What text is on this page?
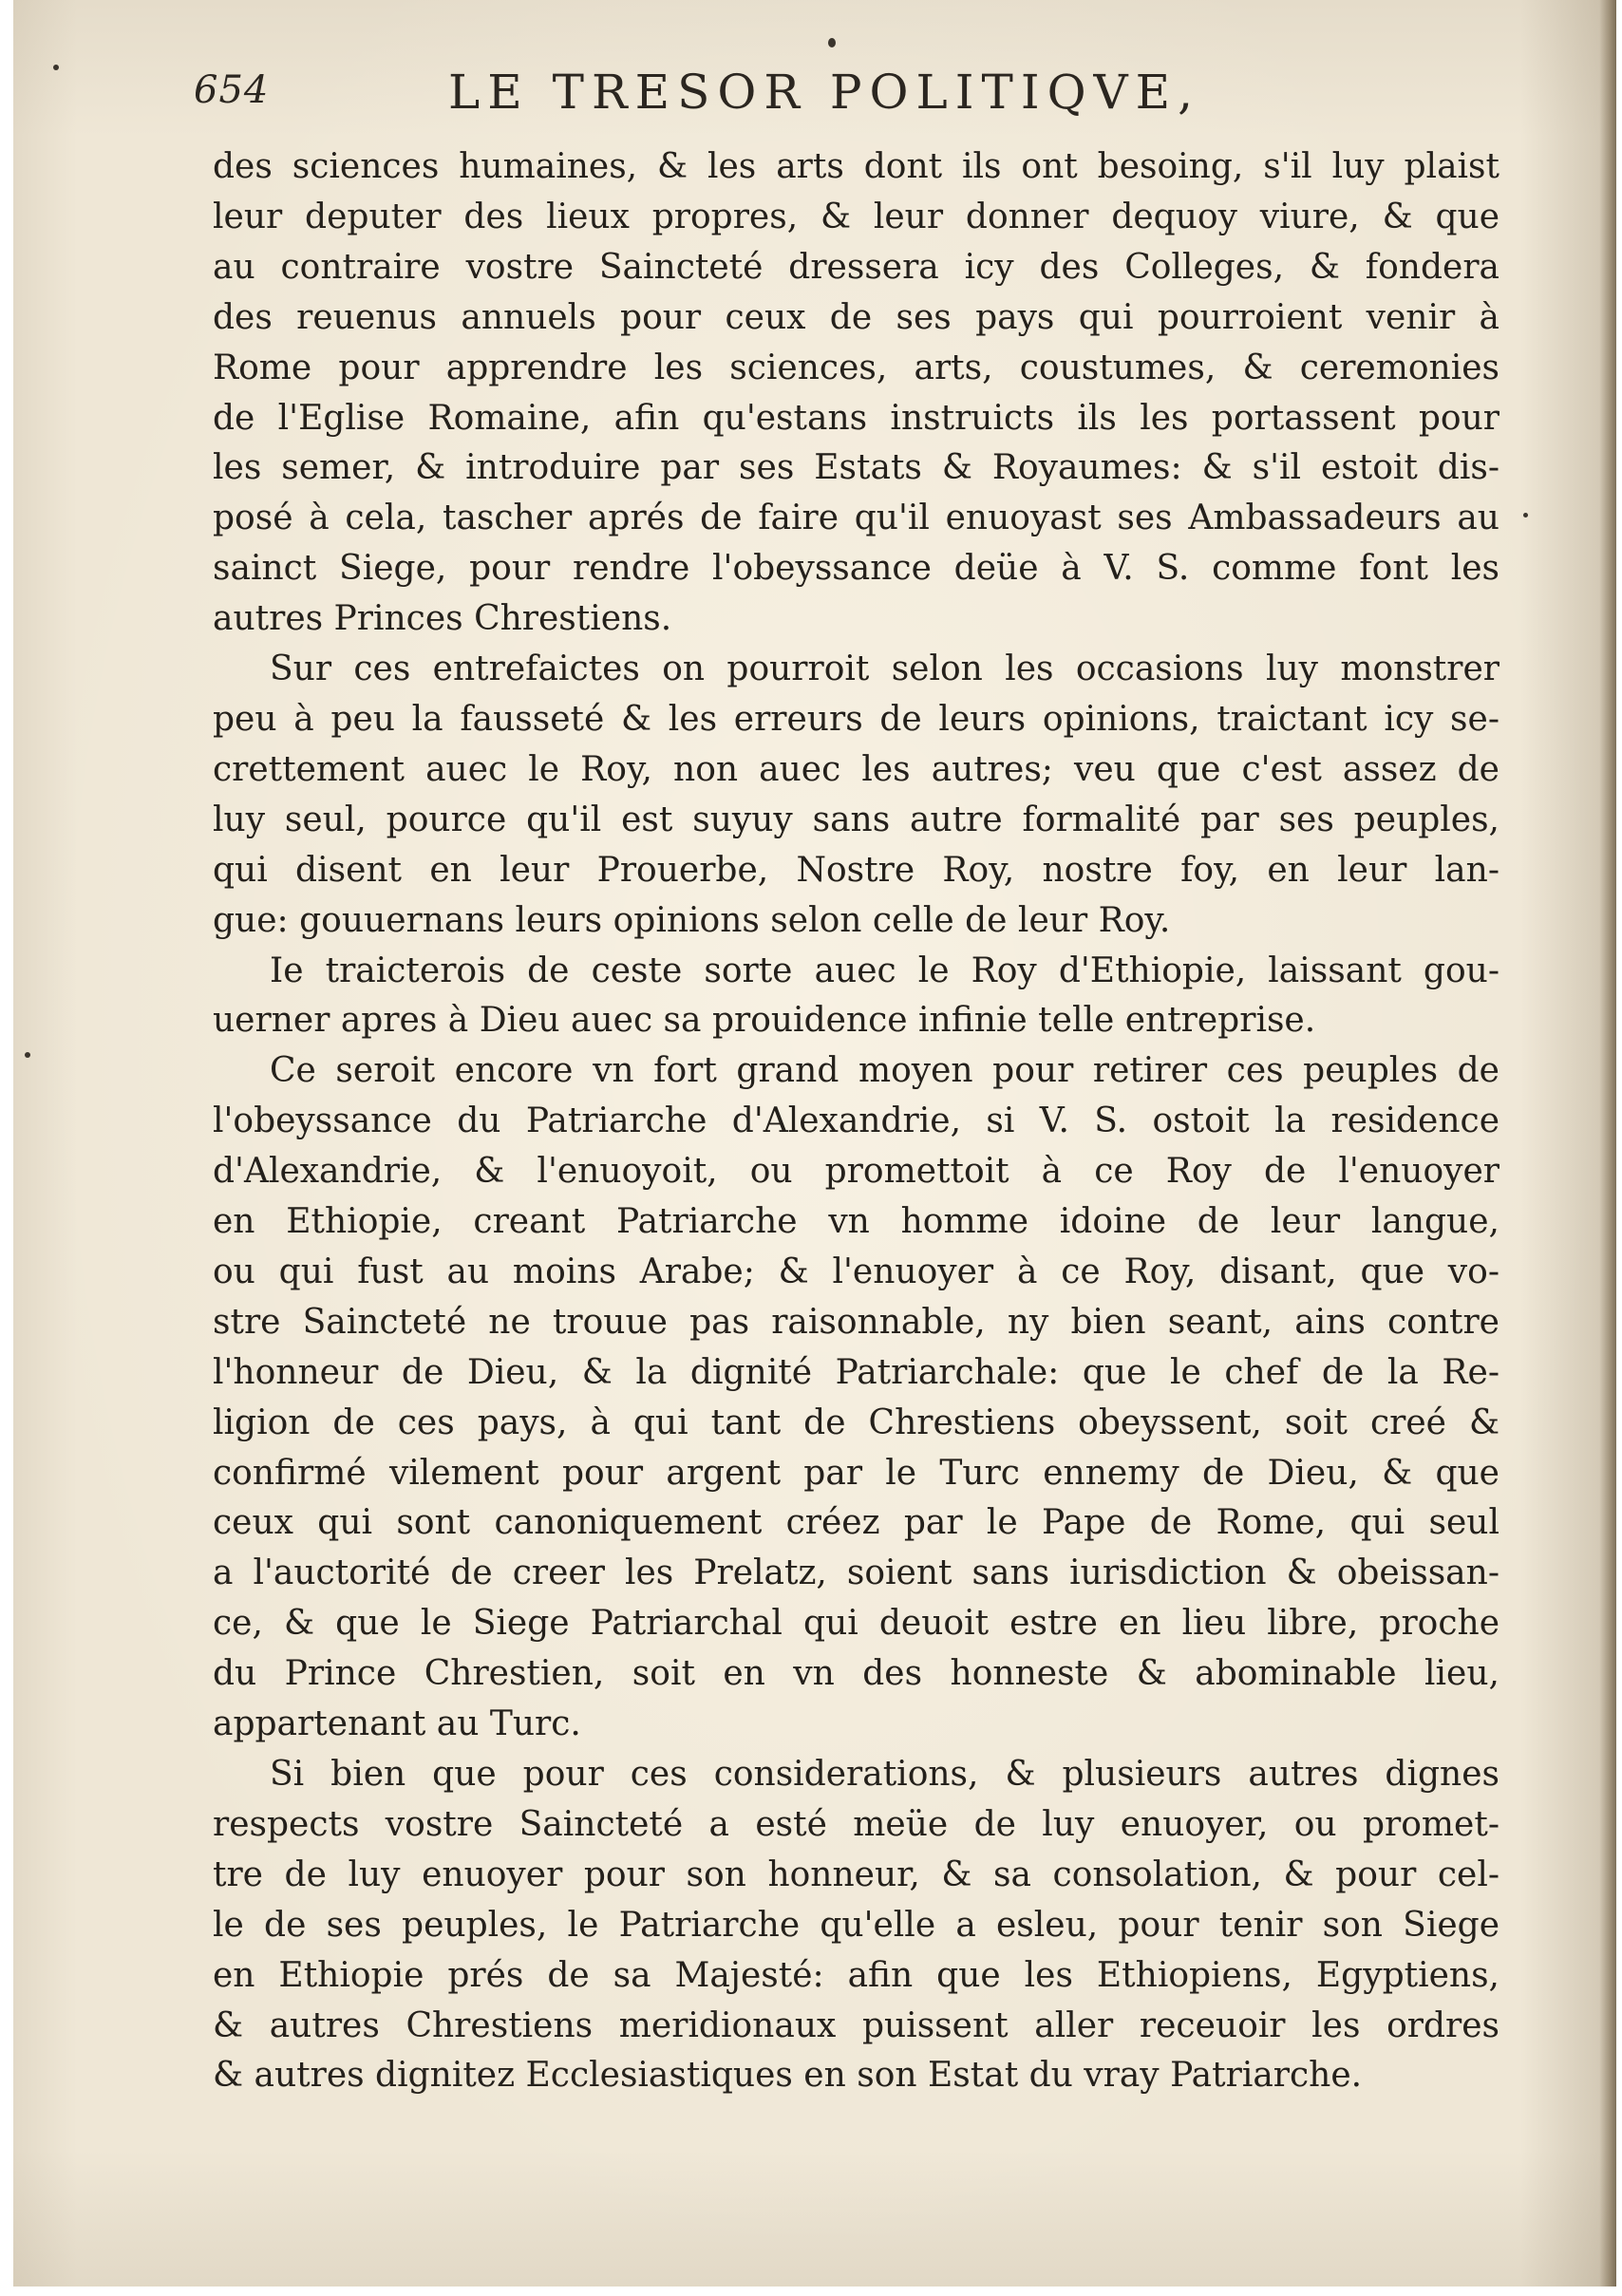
654	LE TRESOR POLITIQVE,
des sciences humaines, & les arts dont ils ont besoing, s'il luy plaist
leur deputer des lieux propres, & leur donner dequoy viure, & que
au contraire vostre Saincteté dressera icy des Colleges, & fondera
des reuenus annuels pour ceux de ses pays qui pourroient venir à
Rome pour apprendre les sciences, arts, coustumes, & ceremonies
de l'Eglise Romaine, afin qu'estans instruicts ils les portassent pour
les semer, & introduire par ses Estats & Royaumes: & s'il estoit dis-
posé à cela, tascher aprés de faire qu'il enuoyast ses Ambassadeurs au
sainct Siege, pour rendre l'obeyssance deüe à V. S. comme font les
autres Princes Chrestiens.
Sur ces entrefaictes on pourroit selon les occasions luy monstrer
peu à peu la fausseté & les erreurs de leurs opinions, traictant icy se-
crettement auec le Roy, non auec les autres; veu que c'est assez de
luy seul, pource qu'il est suyuy sans autre formalité par ses peuples,
qui disent en leur Prouerbe, Nostre Roy, nostre foy, en leur lan-
gue: gouuernans leurs opinions selon celle de leur Roy.
Ie traicterois de ceste sorte auec le Roy d'Ethiopie, laissant gou-
uerner apres à Dieu auec sa prouidence infinie telle entreprise.
Ce seroit encore vn fort grand moyen pour retirer ces peuples de
l'obeyssance du Patriarche d'Alexandrie, si V. S. ostoit la residence
d'Alexandrie, & l'enuoyoit, ou promettoit à ce Roy de l'enuoyer
en Ethiopie, creant Patriarche vn homme idoine de leur langue,
ou qui fust au moins Arabe; & l'enuoyer à ce Roy, disant, que vo-
stre Saincteté ne trouue pas raisonnable, ny bien seant, ains contre
l'honneur de Dieu, & la dignité Patriarchale: que le chef de la Re-
ligion de ces pays, à qui tant de Chrestiens obeyssent, soit creé &
confirmé vilement pour argent par le Turc ennemy de Dieu, & que
ceux qui sont canoniquement créez par le Pape de Rome, qui seul
a l'auctorité de creer les Prelatz, soient sans iurisdiction & obeissan-
ce, & que le Siege Patriarchal qui deuoit estre en lieu libre, proche
du Prince Chrestien, soit en vn des honneste & abominable lieu,
appartenant au Turc.
Si bien que pour ces considerations, & plusieurs autres dignes
respects vostre Saincteté a esté meüe de luy enuoyer, ou promet-
tre de luy enuoyer pour son honneur, & sa consolation, & pour cel-
le de ses peuples, le Patriarche qu'elle a esleu, pour tenir son Siege
en Ethiopie prés de sa Majesté: afin que les Ethiopiens, Egyptiens,
& autres Chrestiens meridionaux puissent aller receuoir les ordres
& autres dignitez Ecclesiastiques en son Estat du vray Patriarche.
